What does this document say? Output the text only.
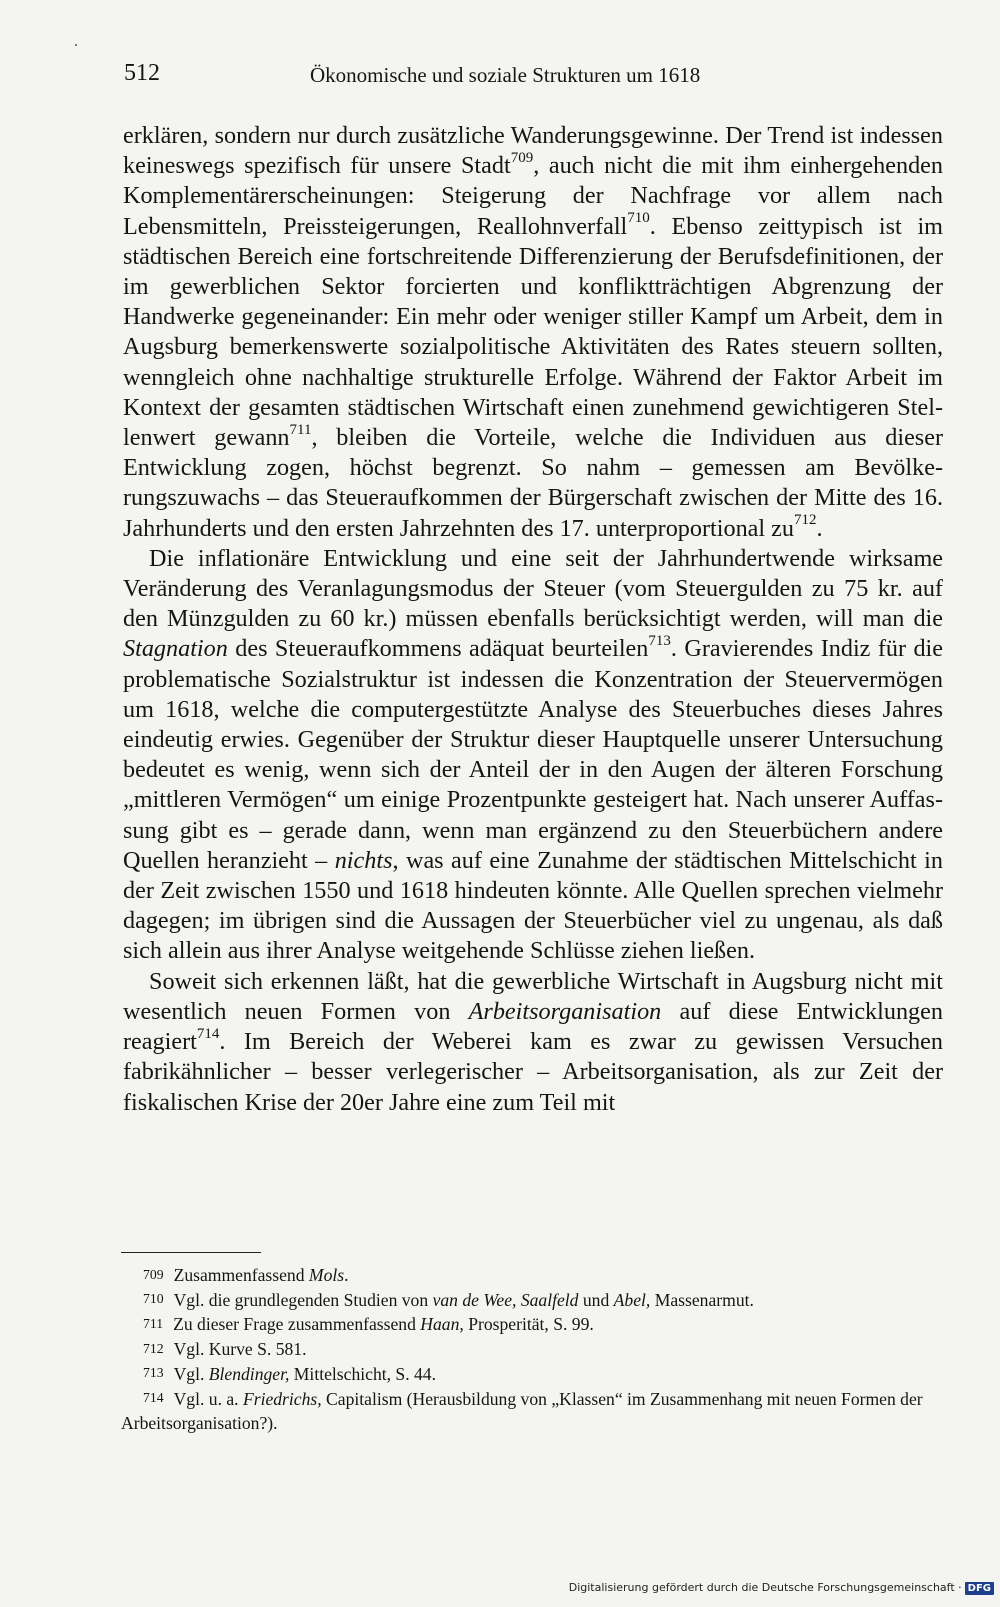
512	Ökonomische und soziale Strukturen um 1618

erklären, sondern nur durch zusätzliche Wanderungsgewinne. Der Trend ist indessen keineswegs spezifisch für unsere Stadt$^{709}$, auch nicht die mit ihm einhergehenden Komplementärerscheinungen: Steigerung der Nachfrage vor allem nach Lebensmitteln, Preissteigerungen, Reallohnverfall$^{710}$. Ebenso zeittypisch ist im städtischen Bereich eine fortschreitende Differenzierung der Berufsdefinitionen, der im gewerblichen Sektor forcierten und konfliktträchtigen Abgrenzung der Handwerke gegeneinander: Ein mehr oder weniger stiller Kampf um Arbeit, dem in Augsburg bemerkenswerte sozialpolitische Aktivitäten des Rates steuern sollten, wenngleich ohne nachhaltige strukturelle Erfolge. Während der Faktor Arbeit im Kontext der gesamten städtischen Wirtschaft einen zunehmend gewichtigeren Stellenwert gewann$^{711}$, bleiben die Vorteile, welche die Individuen aus dieser Entwicklung zogen, höchst begrenzt. So nahm – gemessen am Bevölkerungszuwachs – das Steueraufkommen der Bürgerschaft zwischen der Mitte des 16. Jahrhunderts und den ersten Jahrzehnten des 17. unterproportional $zu^{712}$.

Die inflationäre Entwicklung und eine seit der Jahrhundertwende wirksame Veränderung des Veranlagungsmodus der Steuer (vom Steuergulden zu 75 kr. auf den Münzgulden zu 60 kr.) müssen ebenfalls berücksichtigt werden, will man die Stagnation des Steueraufkommens adäquat beurteilen$^{713}$. Gravierendes Indiz für die problematische Sozialstruktur ist indessen die Konzentration der Steuervermögen um 1618, welche die computergestützte Analyse des Steuerbuches dieses Jahres eindeutig erwies. Gegenüber der Struktur dieser Hauptquelle unserer Untersuchung bedeutet es wenig, wenn sich der Anteil der in den Augen der älteren Forschung „mittleren Vermögen“ um einige Prozentpunkte gesteigert hat. Nach unserer Auffassung gibt es – gerade dann, wenn man ergänzend zu den Steuerbüchern andere Quellen heranzieht – nichts, was auf eine Zunahme der städtischen Mittelschicht in der Zeit zwischen 1550 und 1618 hindeuten könnte. Alle Quellen sprechen vielmehr dagegen; im übrigen sind die Aussagen der Steuerbücher viel zu ungenau, als daß sich allein aus ihrer Analyse weitgehende Schlüsse ziehen ließen.

Soweit sich erkennen läßt, hat die gewerbliche Wirtschaft in Augsburg nicht mit wesentlich neuen Formen von Arbeitsorganisation auf diese Entwicklungen reagiert$^{714}$. Im Bereich der Weberei kam es zwar zu gewissen Versuchen fabrikähnlicher – besser verlegerischer – Arbeitsorganisation, als zur Zeit der fiskalischen Krise der 20er Jahre eine zum Teil mit

709 Zusammenfassend Mols.

710 Vgl. die grundlegenden Studien von van de Wee, Saalfeld und Abel, Massenarmut.

711 Zu dieser Frage zusammenfassend Haan, Prosperität, S. 99.

712 Vgl. Kurve S. 581.

713 Vgl. Blendinger, Mittelschicht, S. 44.

714 Vgl. u. a. Friedrichs, Capitalism (Herausbildung von „Klassen“ im Zusammenhang mit neuen Formen der Arbeitsorganisation?).

Digitalisierung gefördert durch die Deutsche Forschungsgemeinschaft · DFG
